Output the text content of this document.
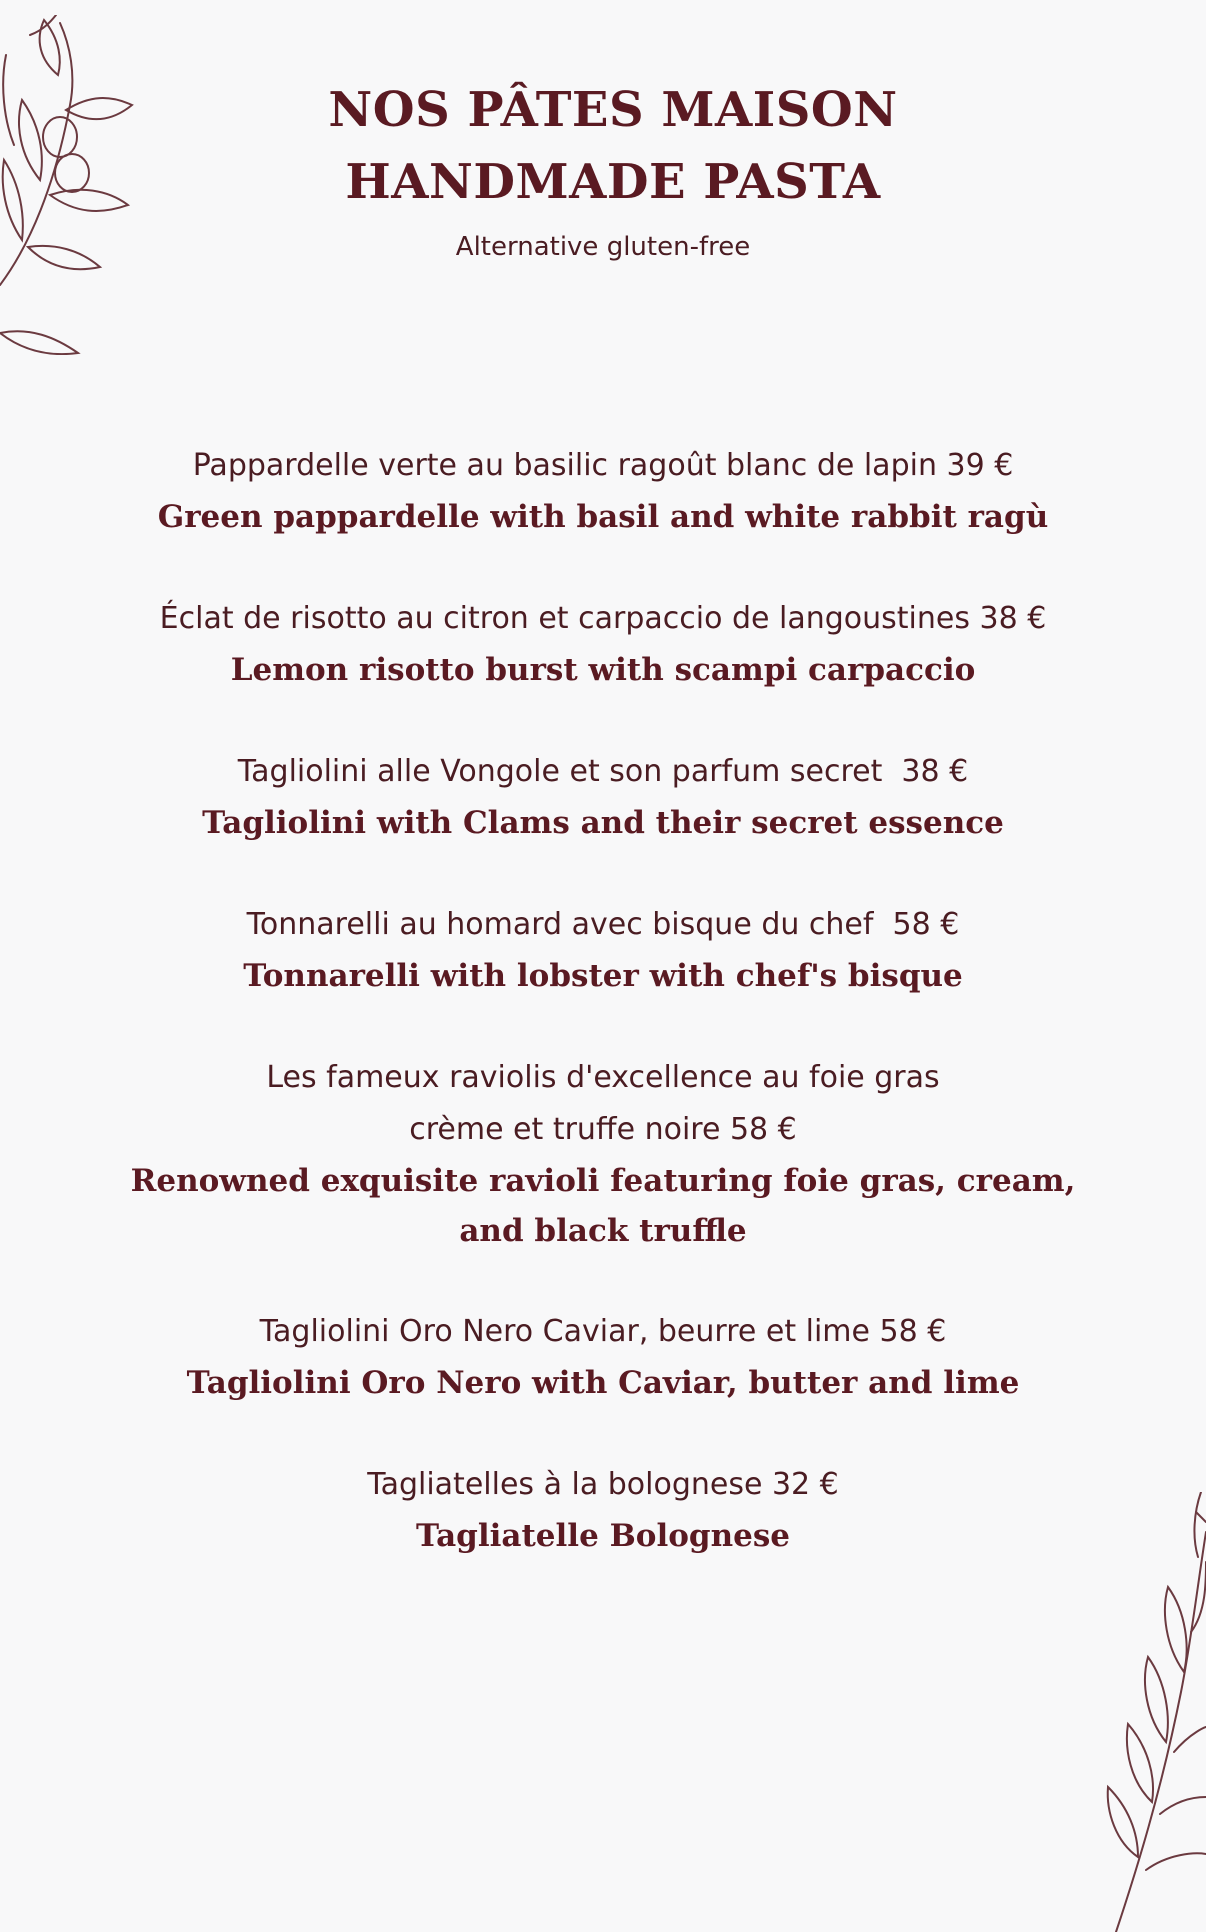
NOS PÂTES MAISON
HANDMADE PASTA
Alternative gluten-free
Pappardelle verte au basilic ragoût blanc de lapin 39 €
Green pappardelle with basil and white rabbit ragù
Éclat de risotto au citron et carpaccio de langoustines 38 €
Lemon risotto burst with scampi carpaccio
Tagliolini alle Vongole et son parfum secret  38 €
Tagliolini with Clams and their secret essence
Tonnarelli au homard avec bisque du chef  58 €
Tonnarelli with lobster with chef's bisque
Les fameux raviolis d'excellence au foie gras
crème et truffe noire 58 €
Renowned exquisite ravioli featuring foie gras, cream, and black truffle
Tagliolini Oro Nero Caviar, beurre et lime 58 €
Tagliolini Oro Nero with Caviar, butter and lime
Tagliatelles à la bolognese 32 €
Tagliatelle Bolognese
